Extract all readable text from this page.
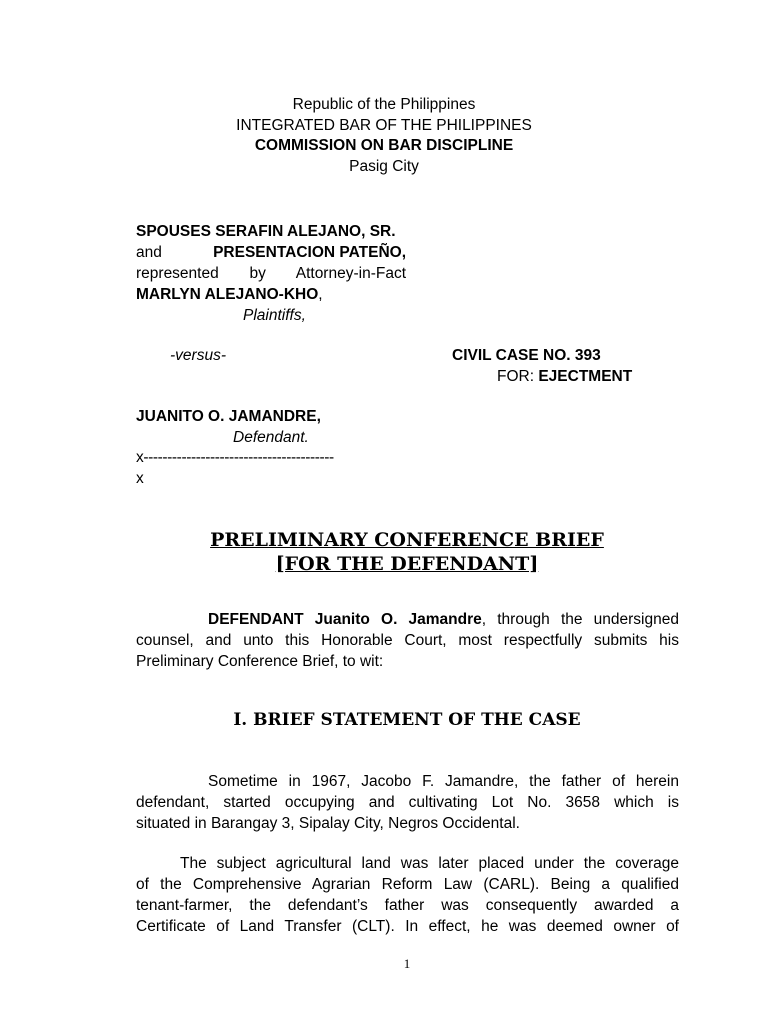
Republic of the Philippines
INTEGRATED BAR OF THE PHILIPPINES
COMMISSION ON BAR DISCIPLINE
Pasig City
SPOUSES SERAFIN ALEJANO, SR.
and	PRESENTACION PATEÑO,
represented by Attorney-in-Fact
MARLYN ALEJANO-KHO,
Plaintiffs,
-versus-	CIVIL CASE NO. 393
FOR: EJECTMENT
JUANITO O. JAMANDRE,
Defendant.
x----------------------------------------
x
PRELIMINARY CONFERENCE BRIEF
[FOR THE DEFENDANT]
DEFENDANT Juanito O. Jamandre, through the undersigned
counsel, and unto this Honorable Court, most respectfully submits his
Preliminary Conference Brief, to wit:
I. BRIEF STATEMENT OF THE CASE
Sometime in 1967, Jacobo F. Jamandre, the father of herein
defendant, started occupying and cultivating Lot No. 3658 which is
situated in Barangay 3, Sipalay City, Negros Occidental.
The subject agricultural land was later placed under the coverage
of the Comprehensive Agrarian Reform Law (CARL). Being a qualified
tenant-farmer, the defendant’s father was consequently awarded a
Certificate of Land Transfer (CLT). In effect, he was deemed owner of
1
